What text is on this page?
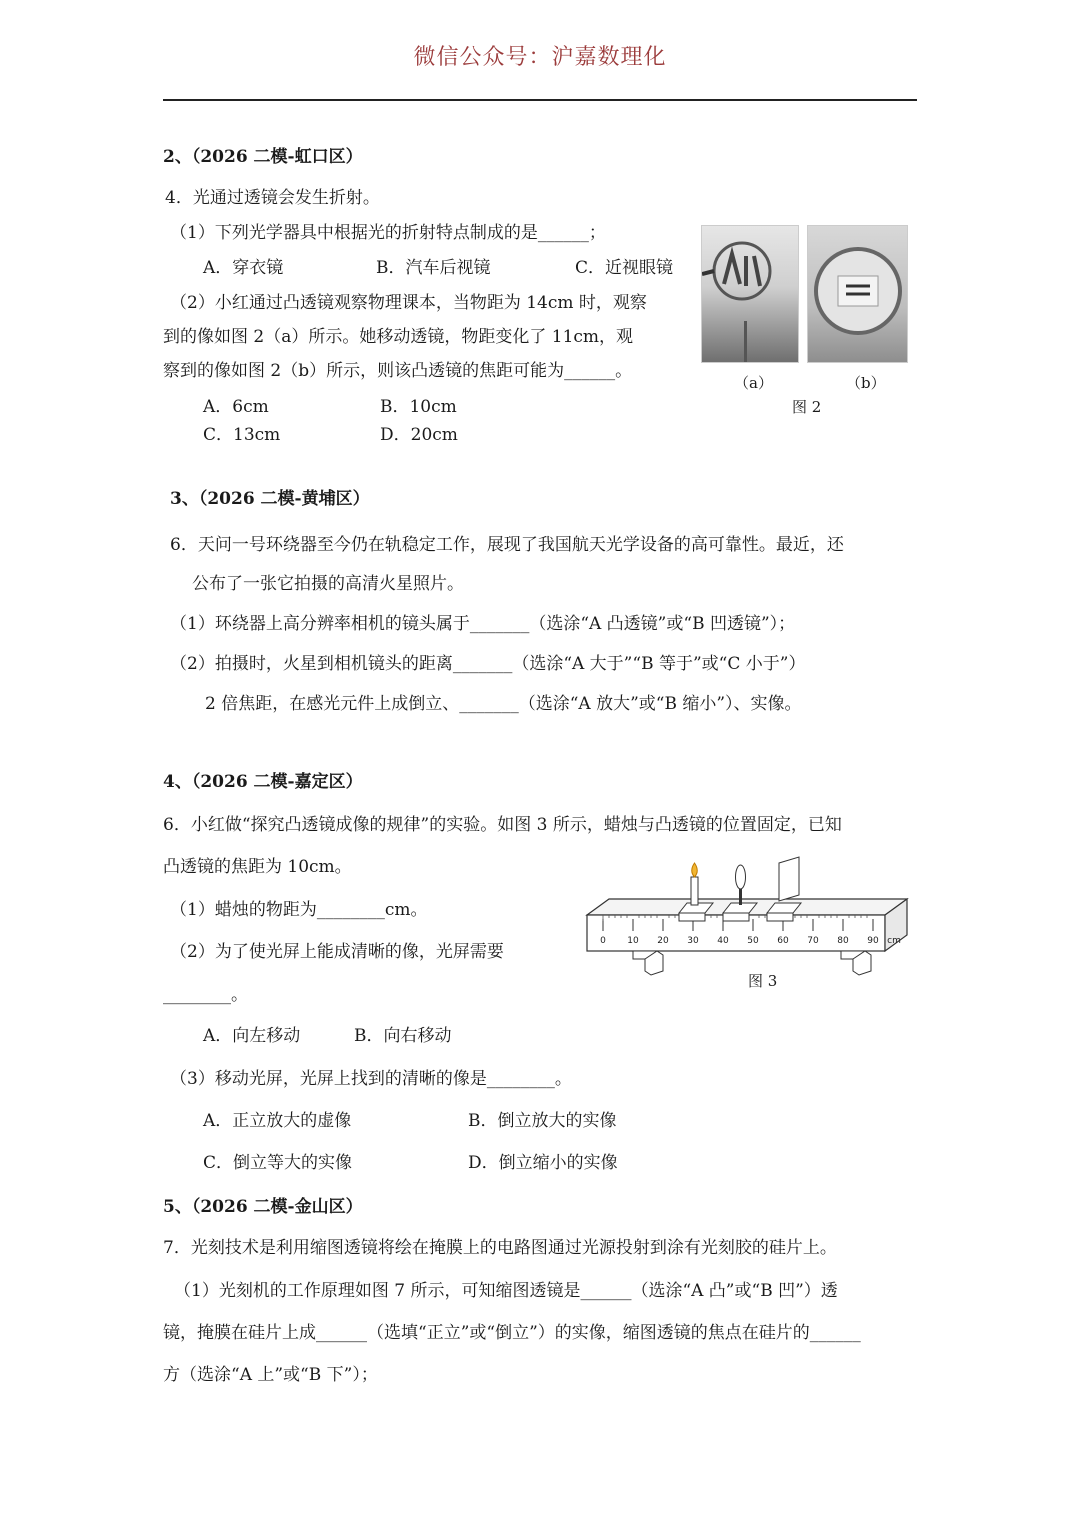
微信公众号：沪嘉数理化
2、（2026 二模-虹口区）
4．光通过透镜会发生折射。
（1）下列光学器具中根据光的折射特点制成的是______；
A．穿衣镜	B．汽车后视镜	C．近视眼镜
（2）小红通过凸透镜观察物理课本，当物距为 14cm 时，观察
到的像如图 2（a）所示。她移动透镜，物距变化了 11cm，观
察到的像如图 2（b）所示，则该凸透镜的焦距可能为______。
A．6cm	B．10cm
C．13cm	D．20cm
（a）	（b）
图 2
3、（2026 二模-黄埔区）
6．天问一号环绕器至今仍在轨稳定工作，展现了我国航天光学设备的高可靠性。最近，还
公布了一张它拍摄的高清火星照片。
（1）环绕器上高分辨率相机的镜头属于_______（选涂“A 凸透镜”或“B 凹透镜”）；
（2）拍摄时，火星到相机镜头的距离_______（选涂“A 大于”“B 等于”或“C 小于”）
2 倍焦距，在感光元件上成倒立、_______（选涂“A 放大”或“B 缩小”）、实像。
4、（2026 二模-嘉定区）
6．小红做“探究凸透镜成像的规律”的实验。如图 3 所示，蜡烛与凸透镜的位置固定，已知
凸透镜的焦距为 10cm。
（1）蜡烛的物距为________cm。
（2）为了使光屏上能成清晰的像，光屏需要
________。
A．向左移动	B．向右移动
（3）移动光屏，光屏上找到的清晰的像是________。
A．正立放大的虚像	B．倒立放大的实像
C．倒立等大的实像	D．倒立缩小的实像
0 10 20 30 40 50 60 70 80 90 cm
图 3
5、（2026 二模-金山区）
7．光刻技术是利用缩图透镜将绘在掩膜上的电路图通过光源投射到涂有光刻胶的硅片上。
（1）光刻机的工作原理如图 7 所示，可知缩图透镜是______（选涂“A 凸”或“B 凹”）透
镜，掩膜在硅片上成______（选填“正立”或“倒立”）的实像，缩图透镜的焦点在硅片的______
方（选涂“A 上”或“B 下”）；
